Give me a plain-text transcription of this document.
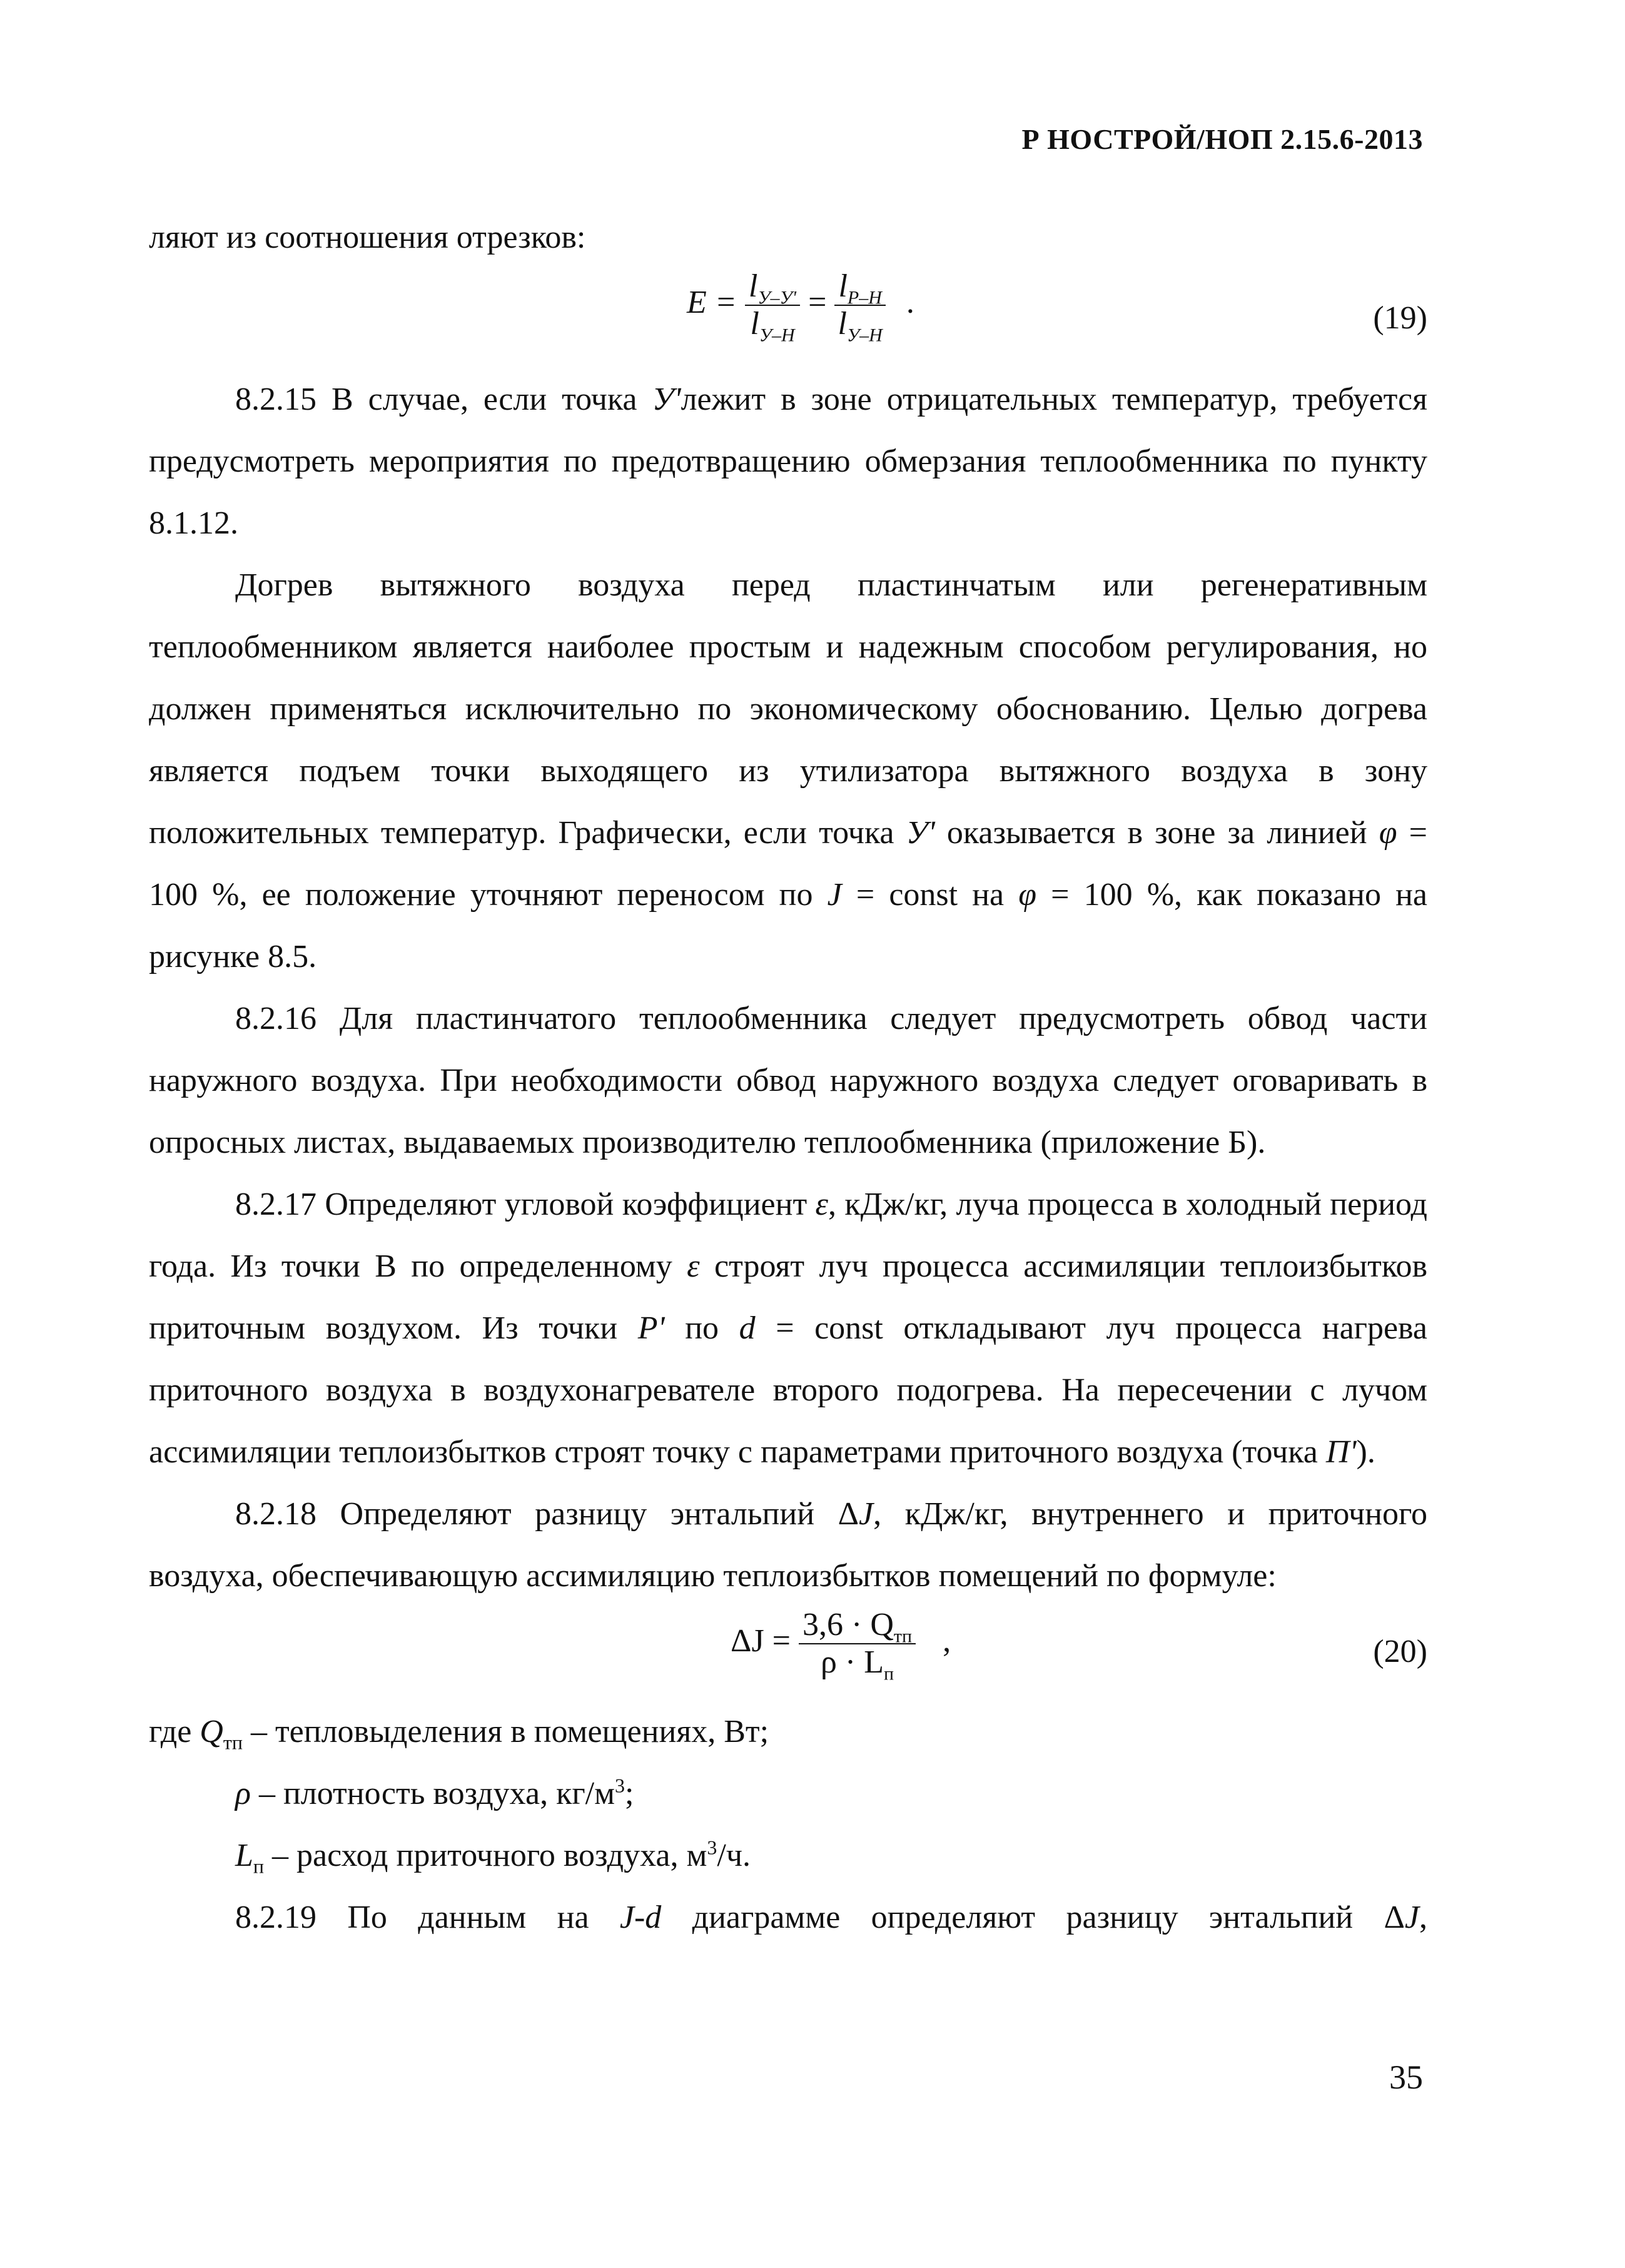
Р НОСТРОЙ/НОП 2.15.6-2013

ляют из соотношения отрезков:

$E = \frac{l_{У-У'}}{l_{У-Н}} = \frac{l_{Р-Н}}{l_{У-Н}}$ .	(19)

8.2.15 В случае, если точка У'лежит в зоне отрицательных температур, требуется предусмотреть мероприятия по предотвращению обмерзания теплообменника по пункту 8.1.12.

Догрев вытяжного воздуха перед пластинчатым или регенеративным теплообменником является наиболее простым и надежным способом регулирования, но должен применяться исключительно по экономическому обоснованию. Целью догрева является подъем точки выходящего из утилизатора вытяжного воздуха в зону положительных температур. Графически, если точка У' оказывается в зоне за линией φ = 100 %, ее положение уточняют переносом по J = const на φ = 100 %, как показано на рисунке 8.5.

8.2.16 Для пластинчатого теплообменника следует предусмотреть обвод части наружного воздуха. При необходимости обвод наружного воздуха следует оговаривать в опросных листах, выдаваемых производителю теплообменника (приложение Б).

8.2.17 Определяют угловой коэффициент ε, кДж/кг, луча процесса в холодный период года. Из точки В по определенному ε строят луч процесса ассимиляции теплоизбытков приточным воздухом. Из точки Р' по d = const откладывают луч процесса нагрева приточного воздуха в воздухонагревателе второго подогрева. На пересечении с лучом ассимиляции теплоизбытков строят точку с параметрами приточного воздуха (точка П').

8.2.18 Определяют разницу энтальпий ΔJ, кДж/кг, внутреннего и приточного воздуха, обеспечивающую ассимиляцию теплоизбытков помещений по формуле:

$\Delta J = \frac{3,6 \cdot Q_{тп}}{\rho \cdot L_п}$ ,	(20)

где $Q_{тп}$ – тепловыделения в помещениях, Вт;

ρ – плотность воздуха, $кг/м^3$;

$L_п$ – расход приточного воздуха, $м^3/ч$.

8.2.19 По данным на J-d диаграмме определяют разницу энтальпий ΔJ,

35
